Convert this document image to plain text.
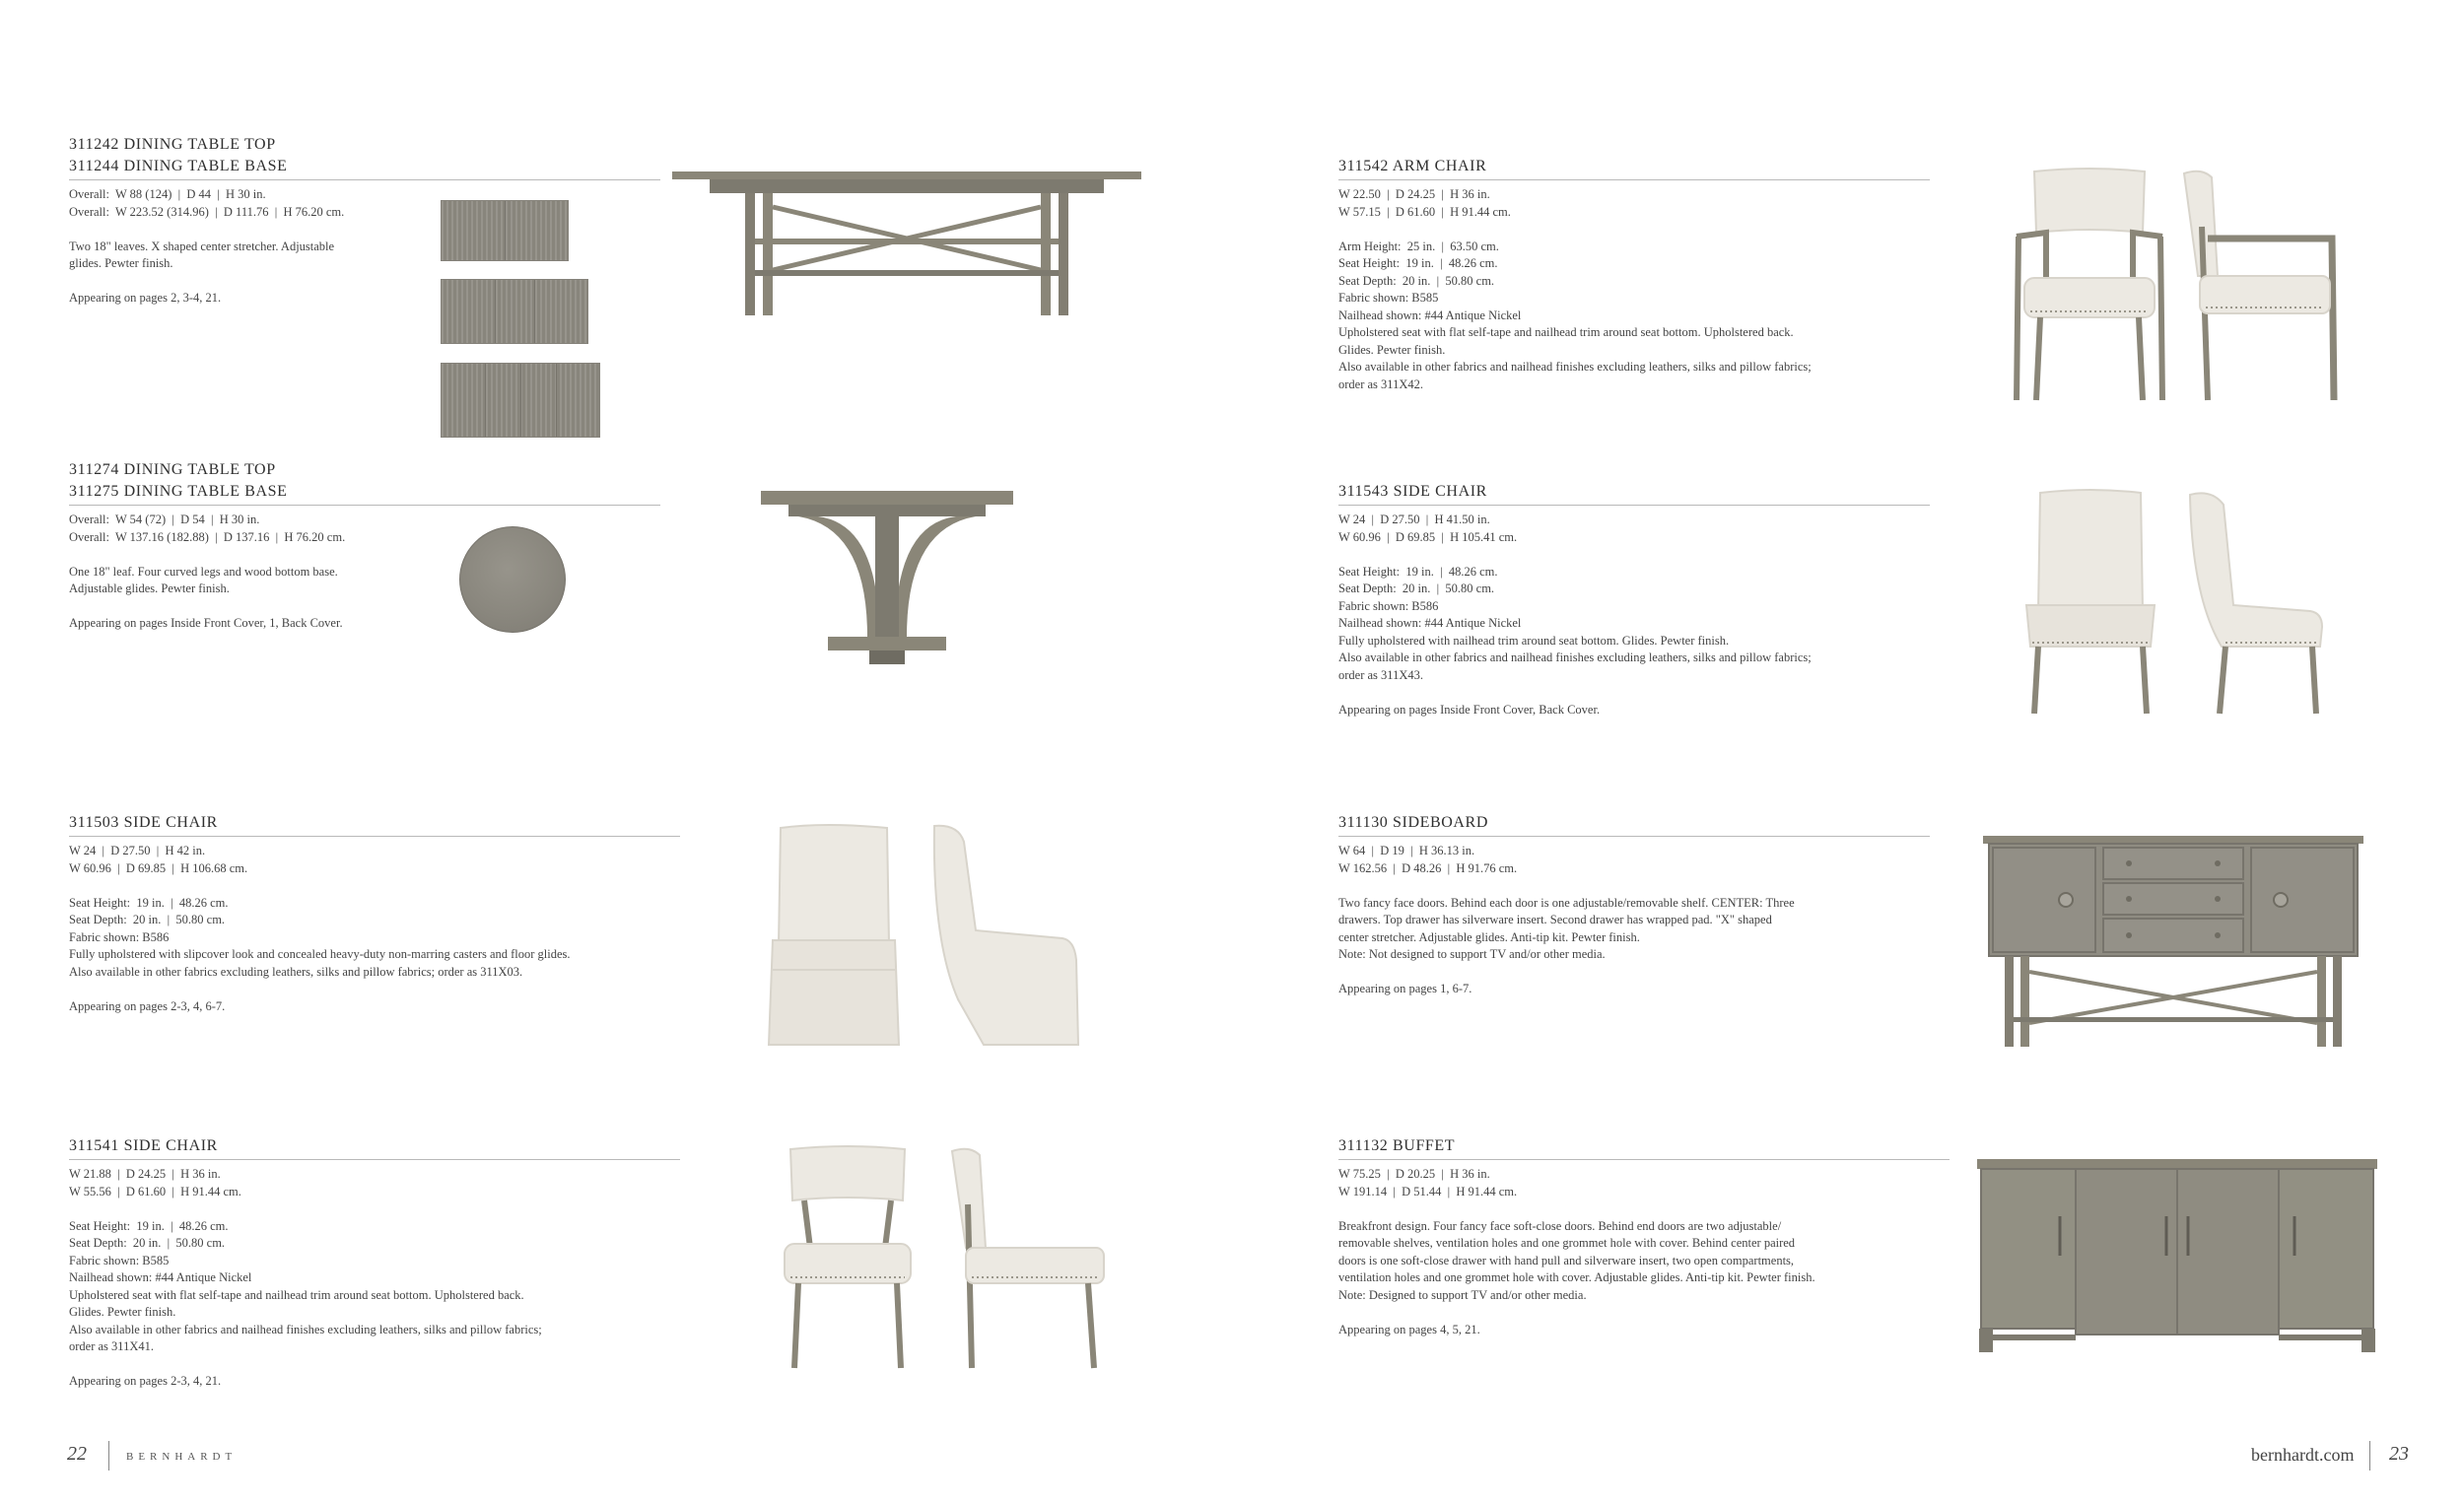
311242 DINING TABLE TOP
311244 DINING TABLE BASE
Overall:  W 88 (124)  |  D 44  |  H 30 in.
Overall:  W 223.52 (314.96)  |  D 111.76  |  H 76.20 cm.
Two 18" leaves. X shaped center stretcher. Adjustable
glides. Pewter finish.
Appearing on pages 2, 3-4, 21.
311274 DINING TABLE TOP
311275 DINING TABLE BASE
Overall:  W 54 (72)  |  D 54  |  H 30 in.
Overall:  W 137.16 (182.88)  |  D 137.16  |  H 76.20 cm.
One 18" leaf. Four curved legs and wood bottom base.
Adjustable glides. Pewter finish.
Appearing on pages Inside Front Cover, 1, Back Cover.
311503 SIDE CHAIR
W 24  |  D 27.50  |  H 42 in.
W 60.96  |  D 69.85  |  H 106.68 cm.
Seat Height:  19 in.  |  48.26 cm.
Seat Depth:  20 in.  |  50.80 cm.
Fabric shown: B586
Fully upholstered with slipcover look and concealed heavy-duty non-marring casters and floor glides.
Also available in other fabrics excluding leathers, silks and pillow fabrics; order as 311X03.
Appearing on pages 2-3, 4, 6-7.
311541 SIDE CHAIR
W 21.88  |  D 24.25  |  H 36 in.
W 55.56  |  D 61.60  |  H 91.44 cm.
Seat Height:  19 in.  |  48.26 cm.
Seat Depth:  20 in.  |  50.80 cm.
Fabric shown: B585
Nailhead shown: #44 Antique Nickel
Upholstered seat with flat self-tape and nailhead trim around seat bottom. Upholstered back.
Glides. Pewter finish.
Also available in other fabrics and nailhead finishes excluding leathers, silks and pillow fabrics;
order as 311X41.
Appearing on pages 2-3, 4, 21.
22	BERNHARDT
311542 ARM CHAIR
W 22.50  |  D 24.25  |  H 36 in.
W 57.15  |  D 61.60  |  H 91.44 cm.
Arm Height:  25 in.  |  63.50 cm.
Seat Height:  19 in.  |  48.26 cm.
Seat Depth:  20 in.  |  50.80 cm.
Fabric shown: B585
Nailhead shown: #44 Antique Nickel
Upholstered seat with flat self-tape and nailhead trim around seat bottom. Upholstered back.
Glides. Pewter finish.
Also available in other fabrics and nailhead finishes excluding leathers, silks and pillow fabrics;
order as 311X42.
311543 SIDE CHAIR
W 24  |  D 27.50  |  H 41.50 in.
W 60.96  |  D 69.85  |  H 105.41 cm.
Seat Height:  19 in.  |  48.26 cm.
Seat Depth:  20 in.  |  50.80 cm.
Fabric shown: B586
Nailhead shown: #44 Antique Nickel
Fully upholstered with nailhead trim around seat bottom. Glides. Pewter finish.
Also available in other fabrics and nailhead finishes excluding leathers, silks and pillow fabrics;
order as 311X43.
Appearing on pages Inside Front Cover, Back Cover.
311130 SIDEBOARD
W 64  |  D 19  |  H 36.13 in.
W 162.56  |  D 48.26  |  H 91.76 cm.
Two fancy face doors. Behind each door is one adjustable/removable shelf. CENTER: Three
drawers. Top drawer has silverware insert. Second drawer has wrapped pad. "X" shaped
center stretcher. Adjustable glides. Anti-tip kit. Pewter finish.
Note: Not designed to support TV and/or other media.
Appearing on pages 1, 6-7.
311132 BUFFET
W 75.25  |  D 20.25  |  H 36 in.
W 191.14  |  D 51.44  |  H 91.44 cm.
Breakfront design. Four fancy face soft-close doors. Behind end doors are two adjustable/
removable shelves, ventilation holes and one grommet hole with cover. Behind center paired
doors is one soft-close drawer with hand pull and silverware insert, two open compartments,
ventilation holes and one grommet hole with cover. Adjustable glides. Anti-tip kit. Pewter finish.
Note: Designed to support TV and/or other media.
Appearing on pages 4, 5, 21.
bernhardt.com 23
